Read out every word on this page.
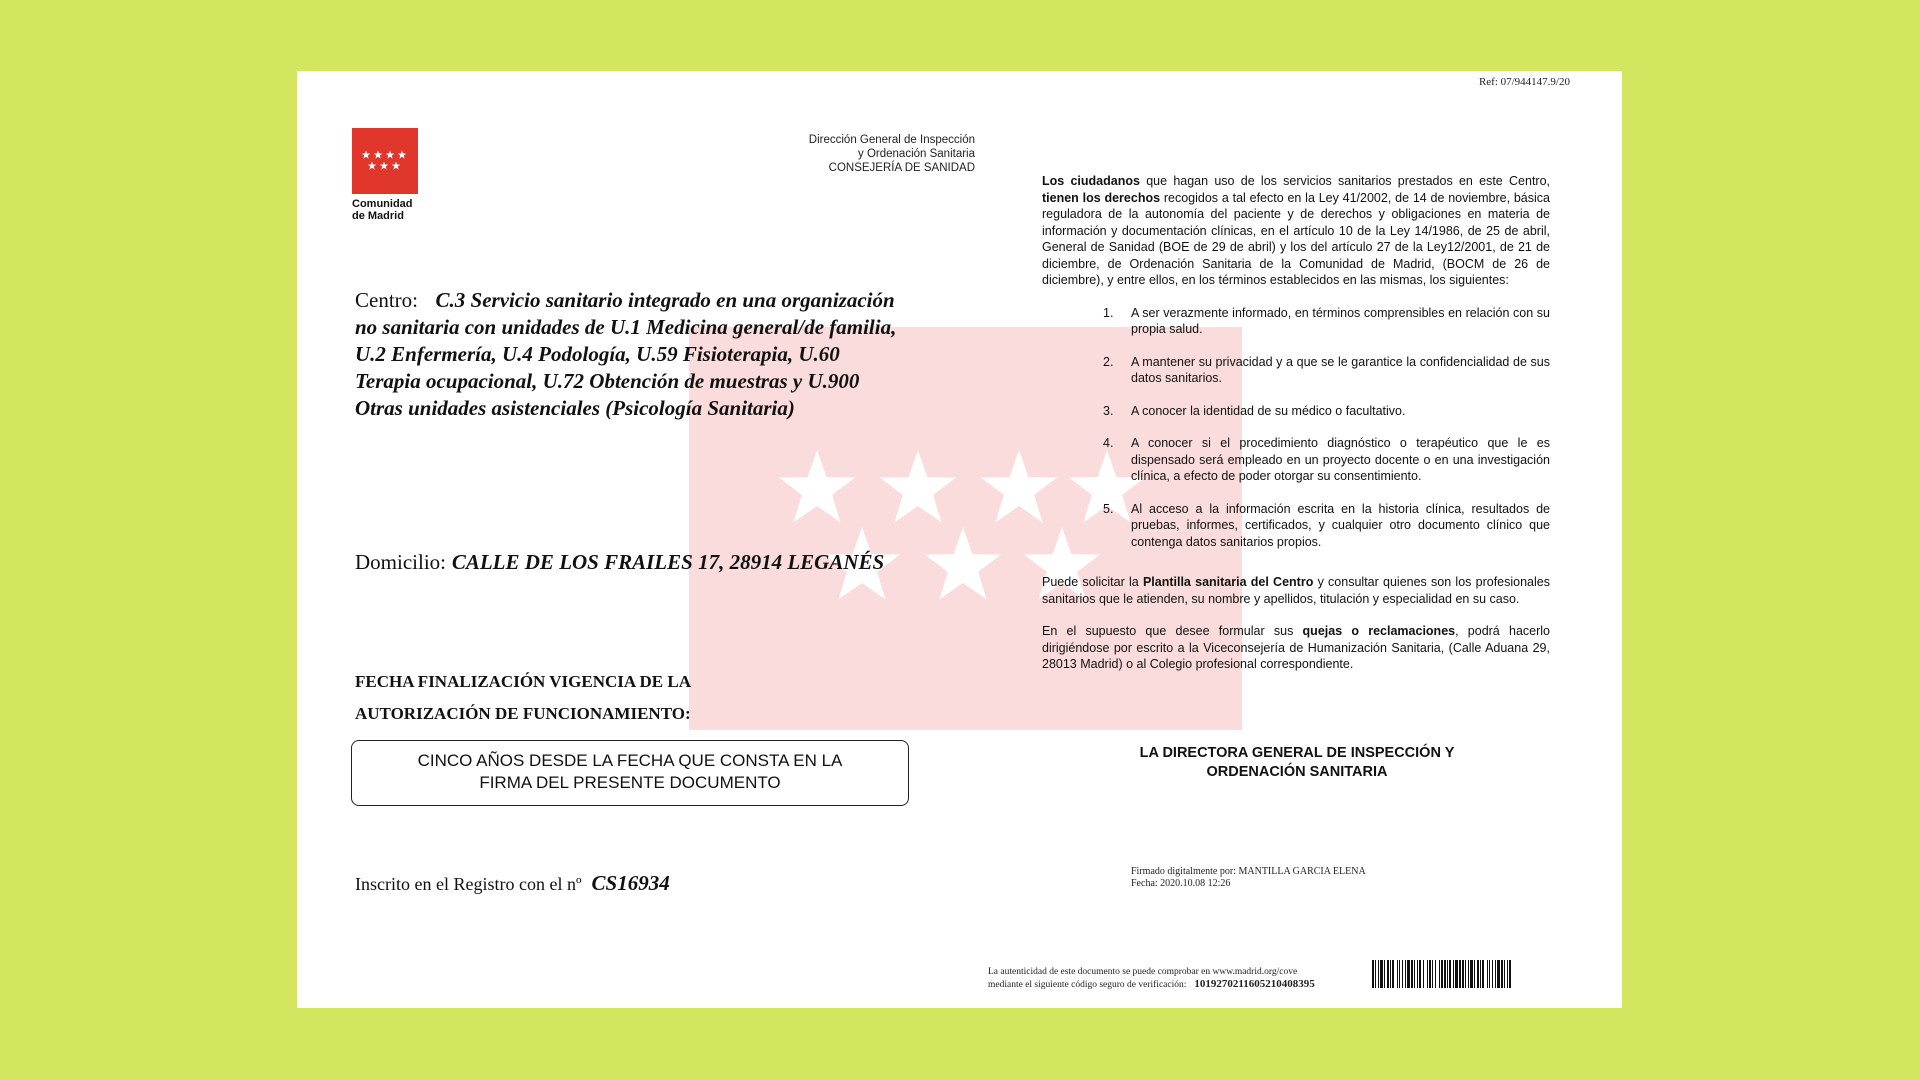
Ref: 07/944147.9/20
Comunidad
de Madrid
Dirección General de Inspección
y Ordenación Sanitaria
CONSEJERÍA DE SANIDAD
Centro: C.3 Servicio sanitario integrado en una organización no sanitaria con unidades de U.1 Medicina general/de familia, U.2 Enfermería, U.4 Podología, U.59 Fisioterapia, U.60 Terapia ocupacional, U.72 Obtención de muestras y U.900 Otras unidades asistenciales (Psicología Sanitaria)
Domicilio: CALLE DE LOS FRAILES 17, 28914 LEGANÉS
FECHA FINALIZACIÓN VIGENCIA DE LA
AUTORIZACIÓN DE FUNCIONAMIENTO:
CINCO AÑOS DESDE LA FECHA QUE CONSTA EN LA
FIRMA DEL PRESENTE DOCUMENTO
Inscrito en el Registro con el nº CS16934

Los ciudadanos que hagan uso de los servicios sanitarios prestados en este Centro, tienen los derechos recogidos a tal efecto en la Ley 41/2002, de 14 de noviembre, básica reguladora de la autonomía del paciente y de derechos y obligaciones en materia de información y documentación clínicas, en el artículo 10 de la Ley 14/1986, de 25 de abril, General de Sanidad (BOE de 29 de abril) y los del artículo 27 de la Ley12/2001, de 21 de diciembre, de Ordenación Sanitaria de la Comunidad de Madrid, (BOCM de 26 de diciembre), y entre ellos, en los términos establecidos en las mismas, los siguientes:

1. A ser verazmente informado, en términos comprensibles en relación con su propia salud.
2. A mantener su privacidad y a que se le garantice la confidencialidad de sus datos sanitarios.
3. A conocer la identidad de su médico o facultativo.
4. A conocer si el procedimiento diagnóstico o terapéutico que le es dispensado será empleado en un proyecto docente o en una investigación clínica, a efecto de poder otorgar su consentimiento.
5. Al acceso a la información escrita en la historia clínica, resultados de pruebas, informes, certificados, y cualquier otro documento clínico que contenga datos sanitarios propios.

Puede solicitar la Plantilla sanitaria del Centro y consultar quienes son los profesionales sanitarios que le atienden, su nombre y apellidos, titulación y especialidad en su caso.

En el supuesto que desee formular sus quejas o reclamaciones, podrá hacerlo dirigiéndose por escrito a la Viceconsejería de Humanización Sanitaria, (Calle Aduana 29, 28013 Madrid) o al Colegio profesional correspondiente.

LA DIRECTORA GENERAL DE INSPECCIÓN Y
ORDENACIÓN SANITARIA
Firmado digitalmente por: MANTILLA GARCIA ELENA
Fecha: 2020.10.08 12:26
La autenticidad de este documento se puede comprobar en www.madrid.org/cove
mediante el siguiente código seguro de verificación: 1019270211605210408395
